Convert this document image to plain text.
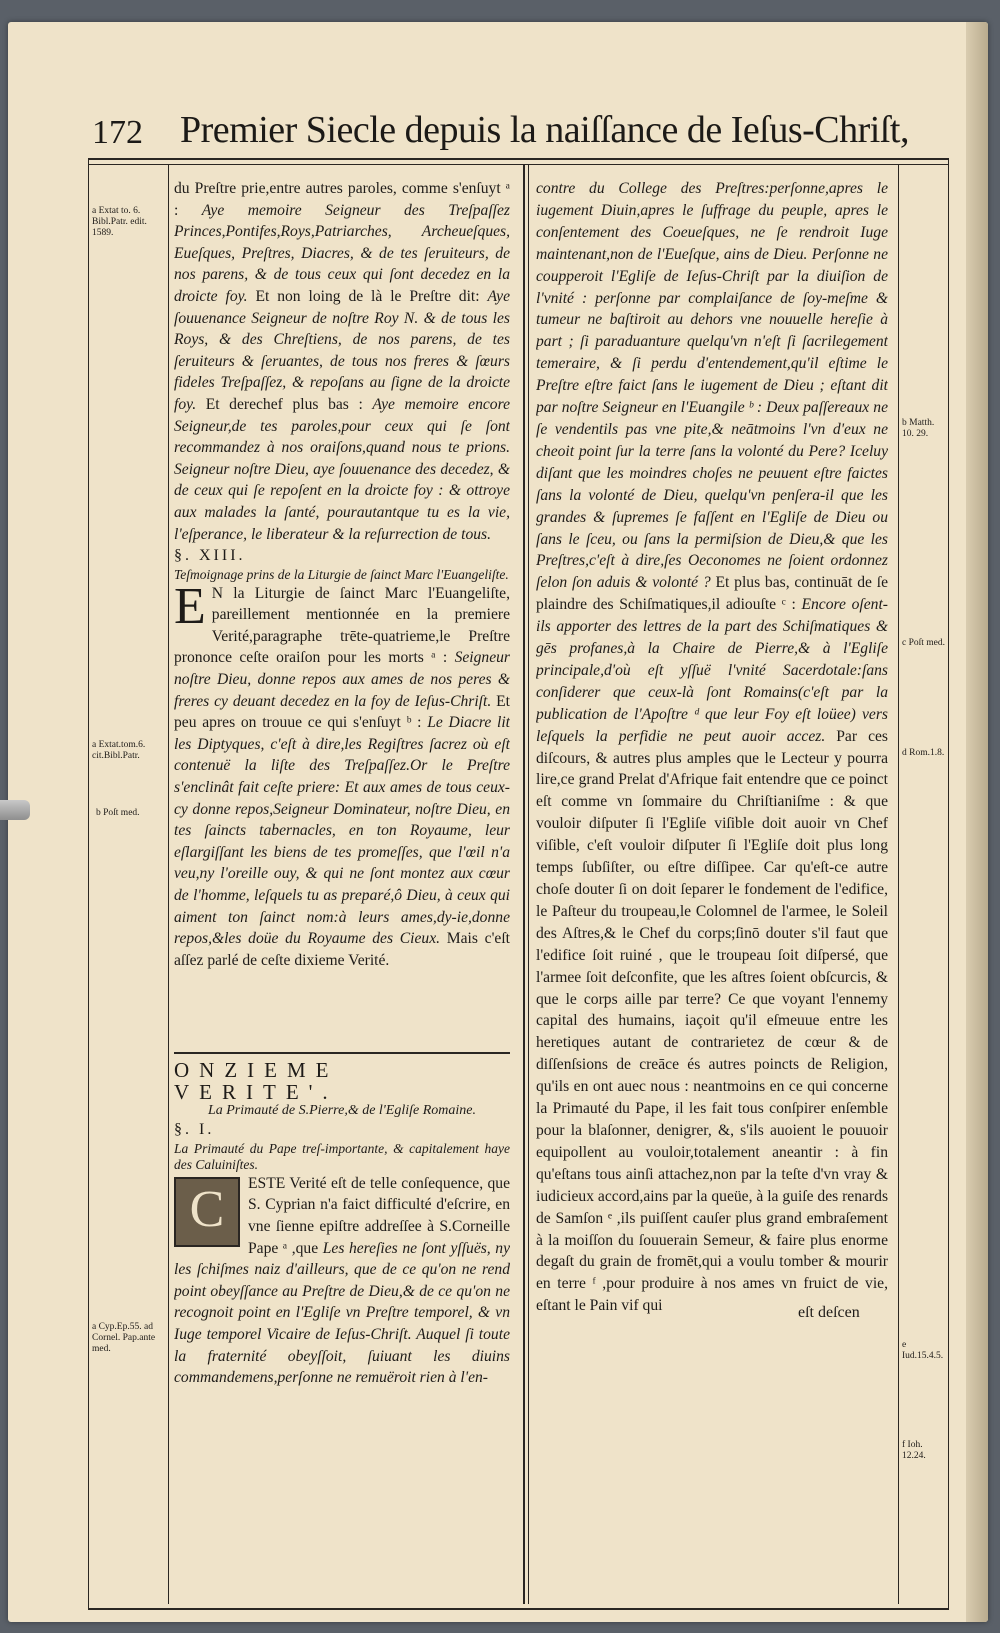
172 Premier Siecle depuis la naiſſance de Ieſus-Chriſt,

du Preſtre prie,entre autres paroles, comme s'enſuyt ᵃ : Aye memoire Seigneur des Treſpaſſez Princes,Pontifes,Roys,Patriarches, Archeueſques, Eueſques, Preſtres, Diacres, & de tes ſeruiteurs, de nos parens, & de tous ceux qui ſont decedez en la droicte foy. Et non loing de là le Preſtre dit: Aye ſouuenance Seigneur de noſtre Roy N. & de tous les Roys, & des Chreſtiens, de nos parens, de tes ſeruiteurs & ſeruantes, de tous nos freres & ſœurs fideles Treſpaſſez, & repoſans au ſigne de la droicte foy. Et derechef plus bas : Aye memoire encore Seigneur,de tes paroles,pour ceux qui ſe ſont recommandez à nos oraiſons,quand nous te prions. Seigneur noſtre Dieu, aye ſouuenance des decedez, & de ceux qui ſe repoſent en la droicte foy : & ottroye aux malades la ſanté, pourautantque tu es la vie, l'eſperance, le liberateur & la reſurrection de tous.

§. XIII.

Teſmoignage prins de la Liturgie de ſainct Marc l'Euangeliſte.

E N la Liturgie de ſainct Marc l'Euangeliſte, pareillement mentionnée en la premiere Verité,paragraphe trēte-quatrieme,le Preſtre prononce ceſte oraiſon pour les morts ᵃ : Seigneur noſtre Dieu, donne repos aux ames de nos peres & freres cy deuant decedez en la foy de Ieſus-Chriſt. Et peu apres on trouue ce qui s'enſuyt ᵇ : Le Diacre lit les Diptyques, c'eſt à dire,les Regiſtres ſacrez où eſt contenuë la liſte des Treſpaſſez.Or le Preſtre s'enclinât fait ceſte priere: Et aux ames de tous ceux-cy donne repos,Seigneur Dominateur, noſtre Dieu, en tes ſaincts tabernacles, en ton Royaume, leur eſlargiſſant les biens de tes promeſſes, que l'œil n'a veu,ny l'oreille ouy, & qui ne ſont montez aux cœur de l'homme, leſquels tu as preparé,ô Dieu, à ceux qui aiment ton ſainct nom:à leurs ames,dy-ie,donne repos,&les doüe du Royaume des Cieux. Mais c'eſt aſſez parlé de ceſte dixieme Verité.

ONZIEME VERITE'.

La Primauté de S.Pierre,& de l'Egliſe Romaine.

§. I.

La Primauté du Pape treſ-importante, & capitalement haye des Caluiniſtes.

C	ESTE Verité eſt de telle conſequence, que S. Cyprian n'a faict difficulté d'eſcrire, en vne ſienne epiſtre addreſſee à S.Corneille Pape ᵃ ,que Les hereſies ne ſont yſſuës, ny les ſchiſmes naiz d'ailleurs, que de ce qu'on ne rend point obeyſſance au Preſtre de Dieu,& de ce qu'on ne recognoit point en l'Egliſe vn Preſtre temporel, & vn Iuge temporel Vicaire de Ieſus-Chriſt. Auquel ſi toute la fraternité obeyſſoit, ſuiuant les diuins commandemens,perſonne ne remuëroit rien à l'en-

contre du College des Preſtres:perſonne,apres le iugement Diuin,apres le ſuffrage du peuple, apres le conſentement des Coeueſques, ne ſe rendroit Iuge maintenant,non de l'Eueſque, ains de Dieu. Perſonne ne coupperoit l'Egliſe de Ieſus-Chriſt par la diuiſion de l'vnité : perſonne par complaiſance de ſoy-meſme & tumeur ne baſtiroit au dehors vne nouuelle hereſie à part ; ſi paraduanture quelqu'vn n'eſt ſi ſacrilegement temeraire, & ſi perdu d'entendement,qu'il eſtime le Preſtre eſtre faict ſans le iugement de Dieu ; eſtant dit par noſtre Seigneur en l'Euangile ᵇ : Deux paſſereaux ne ſe vendentils pas vne pite,& neātmoins l'vn d'eux ne cheoit point ſur la terre ſans la volonté du Pere? Iceluy diſant que les moindres choſes ne peuuent eſtre faictes ſans la volonté de Dieu, quelqu'vn penſera-il que les grandes & ſupremes ſe faſſent en l'Egliſe de Dieu ou ſans le ſceu, ou ſans la permiſsion de Dieu,& que les Preſtres,c'eſt à dire,ſes Oeconomes ne ſoient ordonnez ſelon ſon aduis & volonté ? Et plus bas, continuāt de ſe plaindre des Schiſmatiques,il adiouſte ᶜ : Encore oſent-ils apporter des lettres de la part des Schiſmatiques & gēs profanes,à la Chaire de Pierre,& à l'Egliſe principale,d'où eſt yſſuë l'vnité Sacerdotale:ſans conſiderer que ceux-là ſont Romains(c'eſt par la publication de l'Apoſtre ᵈ que leur Foy eſt loüee) vers leſquels la perfidie ne peut auoir accez. Par ces diſcours, & autres plus amples que le Lecteur y pourra lire,ce grand Prelat d'Afrique fait entendre que ce poinct eſt comme vn ſommaire du Chriſtianiſme : & que vouloir diſputer ſi l'Egliſe viſible doit auoir vn Chef viſible, c'eſt vouloir diſputer ſi l'Egliſe doit plus long temps ſubſiſter, ou eſtre diſſipee. Car qu'eſt-ce autre choſe douter ſi on doit ſeparer le fondement de l'edifice, le Paſteur du troupeau,le Colomnel de l'armee, le Soleil des Aſtres,& le Chef du corps;ſinō douter s'il faut que l'edifice ſoit ruiné , que le troupeau ſoit diſpersé, que l'armee ſoit deſconfite, que les aſtres ſoient obſcurcis, & que le corps aille par terre? Ce que voyant l'ennemy capital des humains, iaçoit qu'il eſmeuue entre les heretiques autant de contrarietez de cœur & de diſſenſsions de creāce és autres poincts de Religion, qu'ils en ont auec nous : neantmoins en ce qui concerne la Primauté du Pape, il les fait tous conſpirer enſemble pour la blaſonner, denigrer, &, s'ils auoient le pouuoir equipollent au vouloir,totalement aneantir : à fin qu'eſtans tous ainſi attachez,non par la teſte d'vn vray & iudicieux accord,ains par la queüe, à la guiſe des renards de Samſon ᵉ ,ils puiſſent cauſer plus grand embraſement à la moiſſon du ſouuerain Semeur, & faire plus enorme degaſt du grain de fromēt,qui a voulu tomber & mourir en terre ᶠ ,pour produire à nos ames vn fruict de vie, eſtant le Pain vif qui

a Extat to. 6. Bibl.Patr. edit. 1589.
a Extat.tom.6. cit.Bibl.Patr.
b Poſt med.
a Cyp.Ep.55. ad Cornel. Pap.ante med.
b Matth. 10. 29.
c Poſt med.
d Rom.1.8.
e Iud.15.4.5.
f Ioh. 12.24.
eſt deſcen
